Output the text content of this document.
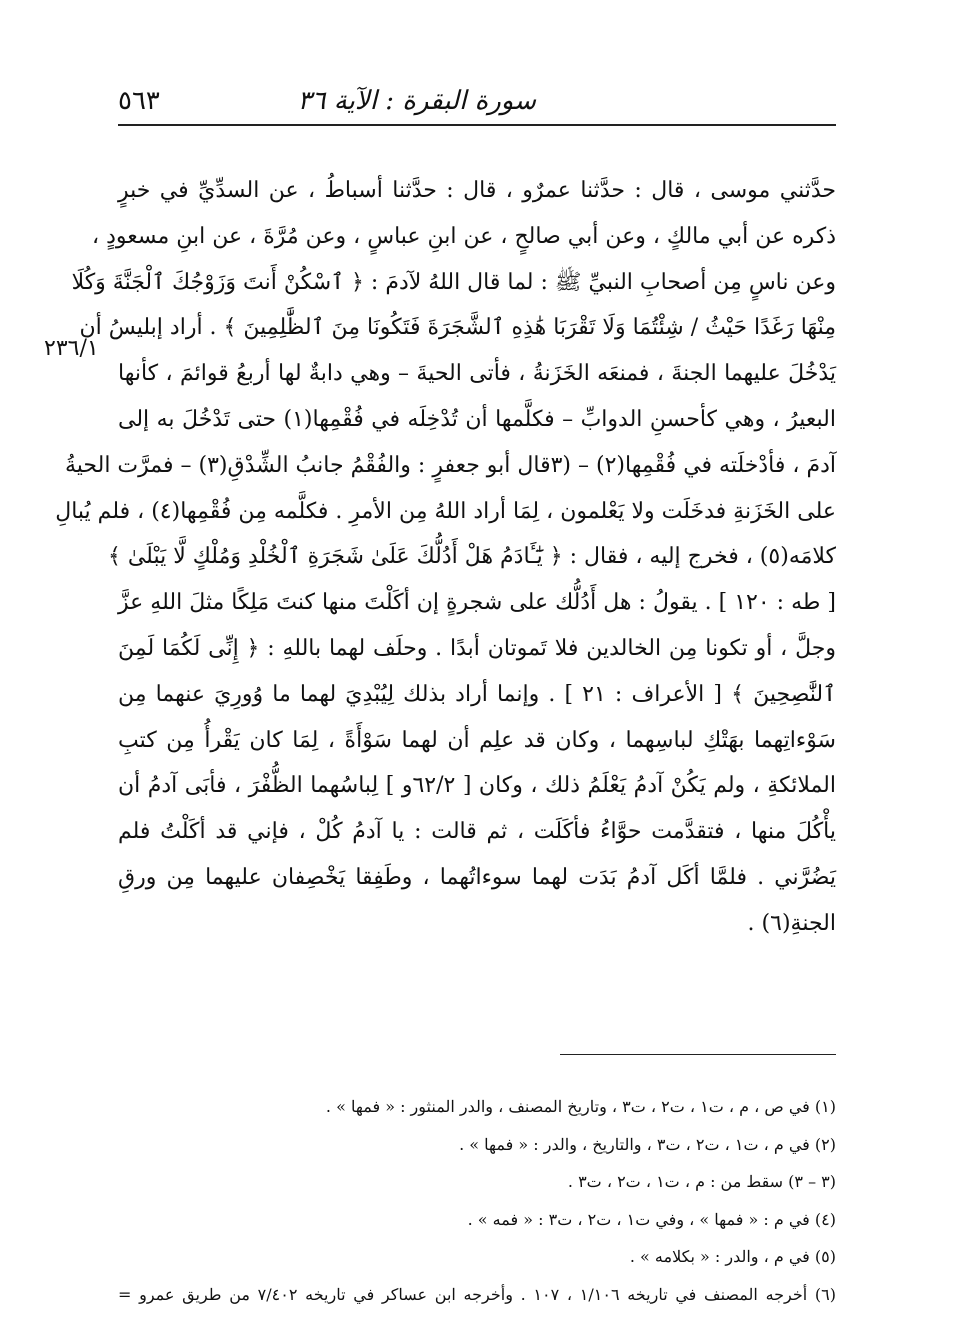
سورة البقرة : الآية ٣٦
٥٦٣
٢٣٦/١
حدَّثني موسى ، قال : حدَّثنا عمرٌو ، قال : حدَّثنا أسباطُ ، عن السدِّيِّ في خبرٍ
ذكره عن أبي مالكٍ ، وعن أبي صالحٍ ، عن ابنِ عباسٍ ، وعن مُرَّةَ ، عن ابنِ مسعودٍ ،
وعن ناسٍ مِن أصحابِ النبيِّ ﷺ : لما قال اللهُ لآدمَ : ﴿ ٱسْكُنْ أَنتَ وَزَوْجُكَ ٱلْجَنَّةَ وَكُلَا
مِنْهَا رَغَدًا حَيْثُ / شِئْتُمَا وَلَا تَقْرَبَا هَٰذِهِ ٱلشَّجَرَةَ فَتَكُونَا مِنَ ٱلظَّٰلِمِينَ ﴾ . أراد إبليسُ أن
يَدْخُلَ عليهما الجنةَ ، فمنعَه الخَزَنةُ ، فأتى الحيةَ – وهي دابةٌ لها أربعُ قوائمَ ، كأنها
البعيرُ ، وهي كأحسنِ الدوابِّ – فكلَّمها أن تُدْخِلَه في فُقْمِها(١) حتى تَدْخُلَ به إلى
آدمَ ، فأدْخلَته في فُقْمِها(٢) – (٣قال أبو جعفرٍ : والفُقْمُ جانبُ الشِّدْقِ(٣) – فمرَّت الحيةُ
على الخَزَنةِ فدخَلَت ولا يَعْلمون ، لِمَا أراد اللهُ مِن الأمرِ . فكلَّمه مِن فُقْمِها(٤) ، فلم يُبالِ
كلامَه(٥) ، فخرج إليه ، فقال : ﴿ يَٰٓـَٔادَمُ هَلْ أَدُلُّكَ عَلَىٰ شَجَرَةِ ٱلْخُلْدِ وَمُلْكٍ لَّا يَبْلَىٰ ﴾
[ طه : ١٢٠ ] . يقولُ : هل أَدُلُّك على شجرةٍ إن أكَلْتَ منها كنتَ مَلِكًا مثلَ اللهِ عزَّ
وجلَّ ، أو تكونا مِن الخالدين فلا تَموتان أبدًا . وحلَف لهما باللهِ : ﴿ إِنِّى لَكُمَا لَمِنَ
ٱلنَّٰصِحِينَ ﴾ [ الأعراف : ٢١ ] . وإنما أراد بذلك لِيُبْدِيَ لهما ما وُورِيَ عنهما مِن
سَوْءاتِهما بهَتْكِ لباسِهما ، وكان قد علِم أن لهما سَوْأَةً ، لِمَا كان يَقْرأُ مِن كتبِ
الملائكةِ ، ولم يَكُنْ آدمُ يَعْلَمُ ذلك ، وكان [ ٦٢/٢و ] لِباسُهما الظُّفْرَ ، فأبَى آدمُ أن
يأْكُلَ منها ، فتقدَّمت حوَّاءُ فأكَلَت ، ثم قالت : يا آدمُ كُلْ ، فإني قد أكَلْتُ فلم
يَضُرَّني . فلمَّا أكَل آدمُ بَدَت لهما سوءاتُهما ، وطَفِقا يَخْصِفان عليهما مِن ورقِ
الجنةِ(٦) .
(١) في ص ، م ، ت١ ، ت٢ ، ت٣ ، وتاريخ المصنف ، والدر المنثور : « فمها » .
(٢) في م ، ت١ ، ت٢ ، ت٣ ، والتاريخ ، والدر : « فمها » .
(٣ – ٣) سقط من : م ، ت١ ، ت٢ ، ت٣ .
(٤) في م : « فمها » ، وفي ت١ ، ت٢ ، ت٣ : « فمه » .
(٥) في م ، والدر : « بكلامه » .
(٦) أخرجه المصنف في تاريخه ١/١٠٦ ، ١٠٧ . وأخرجه ابن عساكر في تاريخه ٧/٤٠٢ من طريق عمرو =
